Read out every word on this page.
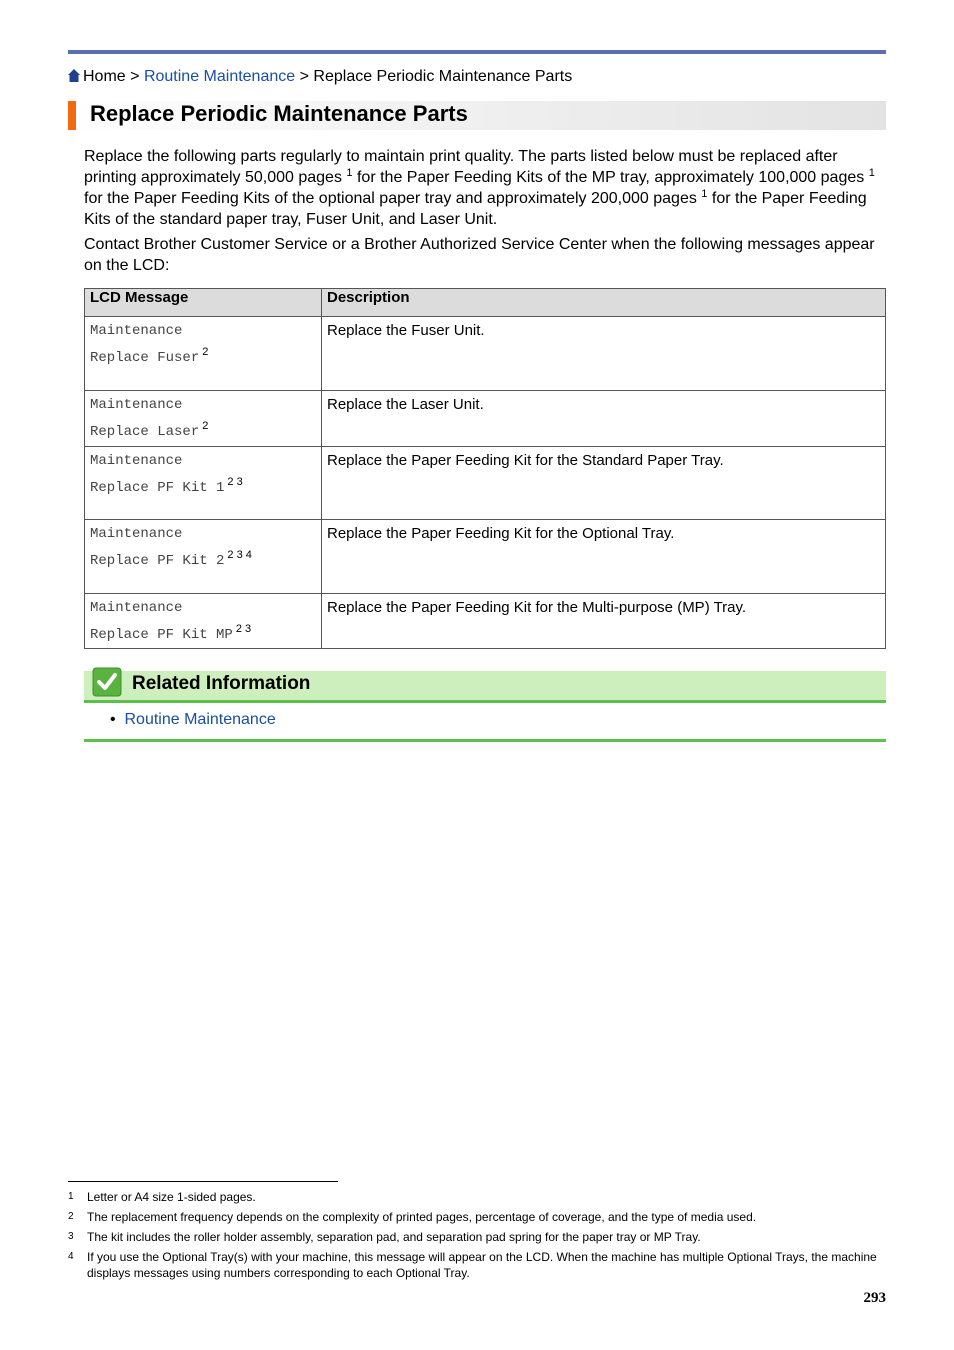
Home > Routine Maintenance > Replace Periodic Maintenance Parts
Replace Periodic Maintenance Parts
Replace the following parts regularly to maintain print quality. The parts listed below must be replaced after printing approximately 50,000 pages $^1$ for the Paper Feeding Kits of the MP tray, approximately 100,000 pages $^1$ for the Paper Feeding Kits of the optional paper tray and approximately 200,000 pages $^1$ for the Paper Feeding Kits of the standard paper tray, Fuser Unit, and Laser Unit.
Contact Brother Customer Service or a Brother Authorized Service Center when the following messages appear on the LCD:
LCD Message	Description

Maintenance
Replace Fuser $^2$	Replace the Fuser Unit.

Maintenance
Replace Laser $^2$	Replace the Laser Unit.

Maintenance
Replace PF Kit 1 $^{2 3}$	Replace the Paper Feeding Kit for the Standard Paper Tray.

Maintenance
Replace PF Kit 2 $^{2 3 4}$	Replace the Paper Feeding Kit for the Optional Tray.

Maintenance
Replace PF Kit MP $^{2 3}$	Replace the Paper Feeding Kit for the Multi-purpose (MP) Tray.
Related Information
• Routine Maintenance
1 Letter or A4 size 1-sided pages.
2 The replacement frequency depends on the complexity of printed pages, percentage of coverage, and the type of media used.
3 The kit includes the roller holder assembly, separation pad, and separation pad spring for the paper tray or MP Tray.
4 If you use the Optional Tray(s) with your machine, this message will appear on the LCD. When the machine has multiple Optional Trays, the machine displays messages using numbers corresponding to each Optional Tray.
293
